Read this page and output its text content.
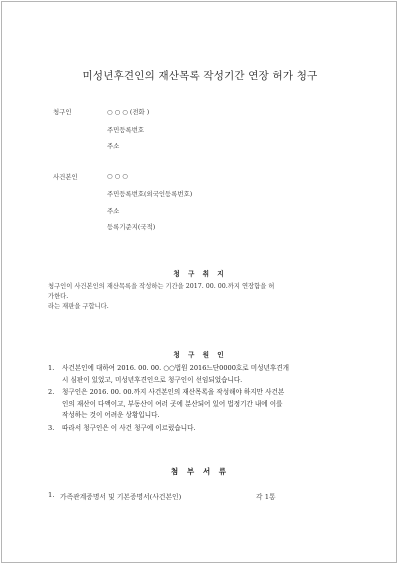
미성년후견인의 재산목록 작성기간 연장 허가 청구
청구인	○ ○ ○ (전화 )
주민등록번호
주소
사건본인	○ ○ ○
주민등록번호(외국인등록번호)
주소
등록기준지(국적)
청 구 취 지
청구인이 사건본인의 재산목록을 작성하는 기간을 2017. 00. 00.까지 연장함을 허
가한다.
라는 재판을 구합니다.
청 구 원 인
1. 사건본인에 대하여 2016. 00. 00. ○○법원 2016느단0000호로 미성년후견개
시 심판이 있었고, 미성년후견인으로 청구인이 선임되었습니다.
2. 청구인은 2016. 00. 00.까지 사건본인의 재산목록을 작성해야 하지만 사건본
인의 재산이 다액이고, 부동산이 여러 곳에 분산되어 있어 법정기간 내에 이를
작성하는 것이 어려운 상황입니다.
3. 따라서 청구인은 이 사건 청구에 이르렀습니다.
첨 부 서 류
1. 가족관계증명서 및 기본증명서(사건본인)	각 1통
